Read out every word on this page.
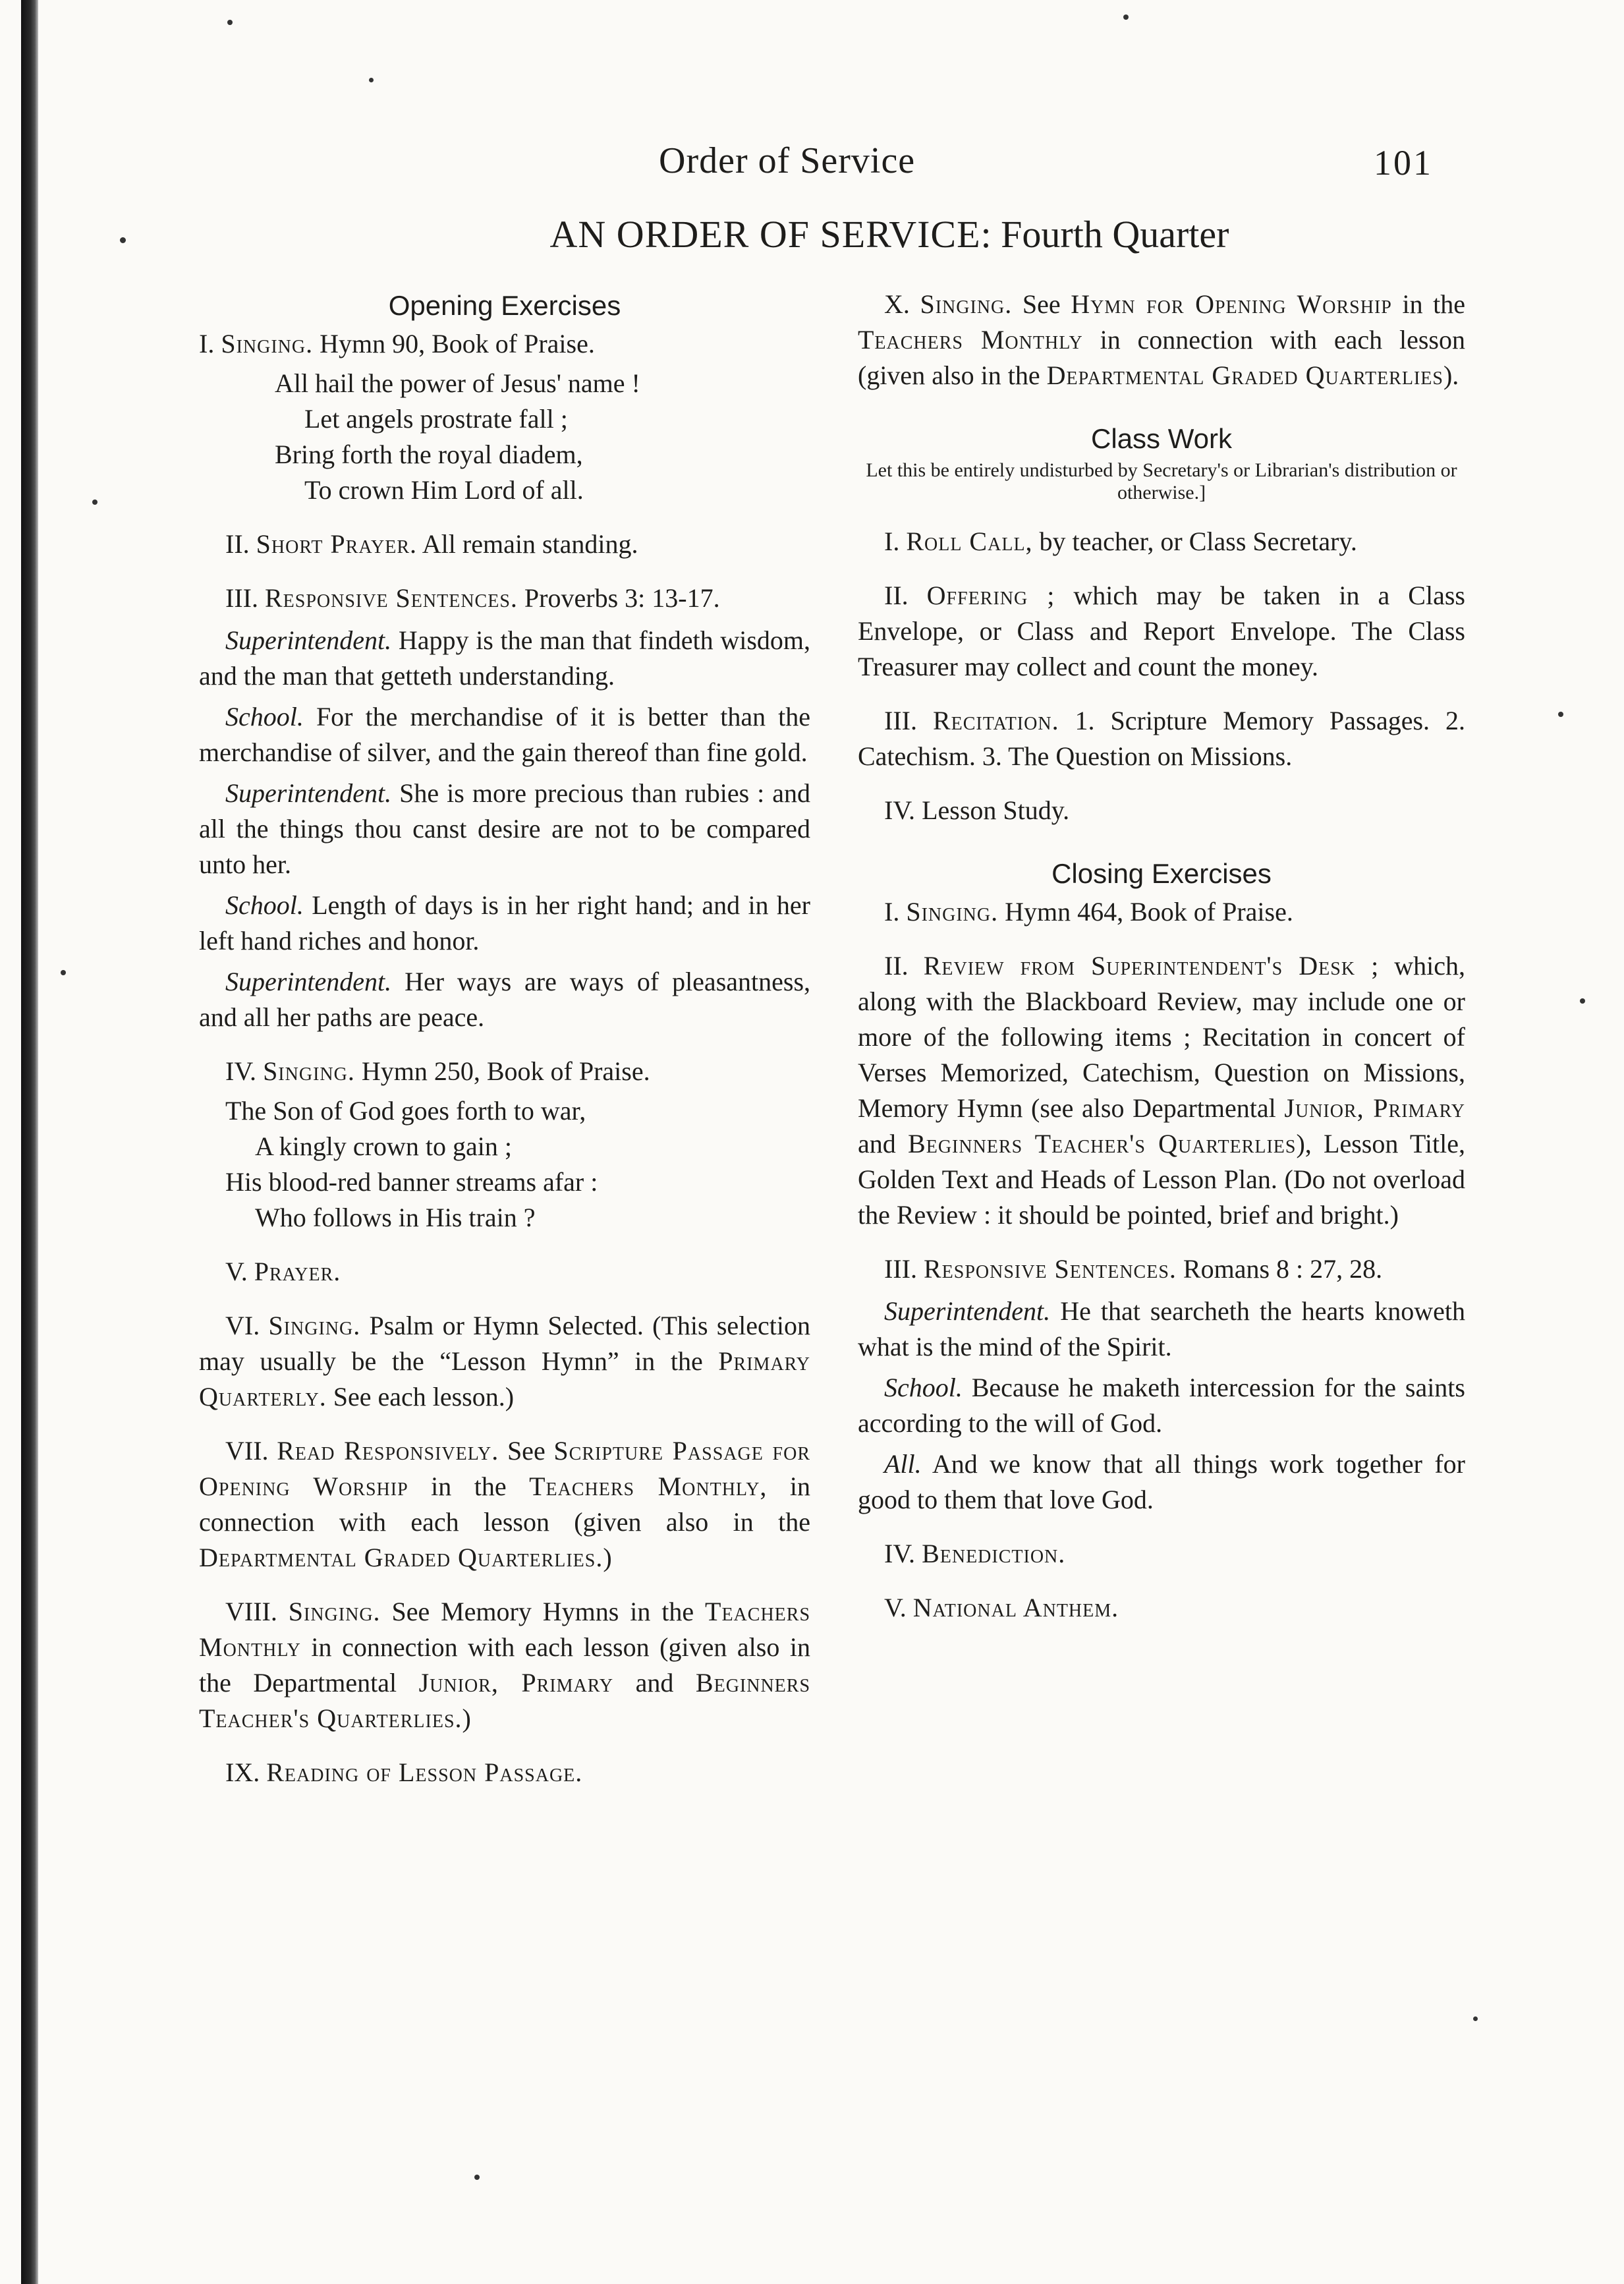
Order of Service	101
AN ORDER OF SERVICE: Fourth Quarter
Opening Exercises
I. Singing. Hymn 90, Book of Praise.
All hail the power of Jesus' name !
Let angels prostrate fall ;
Bring forth the royal diadem,
To crown Him Lord of all.
II. Short Prayer. All remain standing.
III. Responsive Sentences. Proverbs 3: 13-17.
Superintendent. Happy is the man that findeth wisdom, and the man that getteth understanding.
School. For the merchandise of it is better than the merchandise of silver, and the gain thereof than fine gold.
Superintendent. She is more precious than rubies : and all the things thou canst desire are not to be compared unto her.
School. Length of days is in her right hand; and in her left hand riches and honor.
Superintendent. Her ways are ways of pleasantness, and all her paths are peace.
IV. Singing. Hymn 250, Book of Praise.
The Son of God goes forth to war,
A kingly crown to gain ;
His blood-red banner streams afar :
Who follows in His train ?
V. Prayer.
VI. Singing. Psalm or Hymn Selected. (This selection may usually be the “Lesson Hymn” in the Primary Quarterly. See each lesson.)
VII. Read Responsively. See Scripture Passage for Opening Worship in the Teachers Monthly, in connection with each lesson (given also in the Departmental Graded Quarterlies.)
VIII. Singing. See Memory Hymns in the Teachers Monthly in connection with each lesson (given also in the Departmental Junior, Primary and Beginners Teacher's Quarterlies.)
IX. Reading of Lesson Passage.
X. Singing. See Hymn for Opening Worship in the Teachers Monthly in connection with each lesson (given also in the Departmental Graded Quarterlies).
Class Work
Let this be entirely undisturbed by Secretary's or Librarian's distribution or otherwise.]
I. Roll Call, by teacher, or Class Secretary.
II. Offering ; which may be taken in a Class Envelope, or Class and Report Envelope. The Class Treasurer may collect and count the money.
III. Recitation. 1. Scripture Memory Passages. 2. Catechism. 3. The Question on Missions.
IV. Lesson Study.
Closing Exercises
I. Singing. Hymn 464, Book of Praise.
II. Review from Superintendent's Desk ; which, along with the Blackboard Review, may include one or more of the following items ; Recitation in concert of Verses Memorized, Catechism, Question on Missions, Memory Hymn (see also Departmental Junior, Primary and Beginners Teacher's Quarterlies), Lesson Title, Golden Text and Heads of Lesson Plan. (Do not overload the Review : it should be pointed, brief and bright.)
III. Responsive Sentences. Romans 8 : 27, 28.
Superintendent. He that searcheth the hearts knoweth what is the mind of the Spirit.
School. Because he maketh intercession for the saints according to the will of God.
All. And we know that all things work together for good to them that love God.
IV. Benediction.
V. National Anthem.
